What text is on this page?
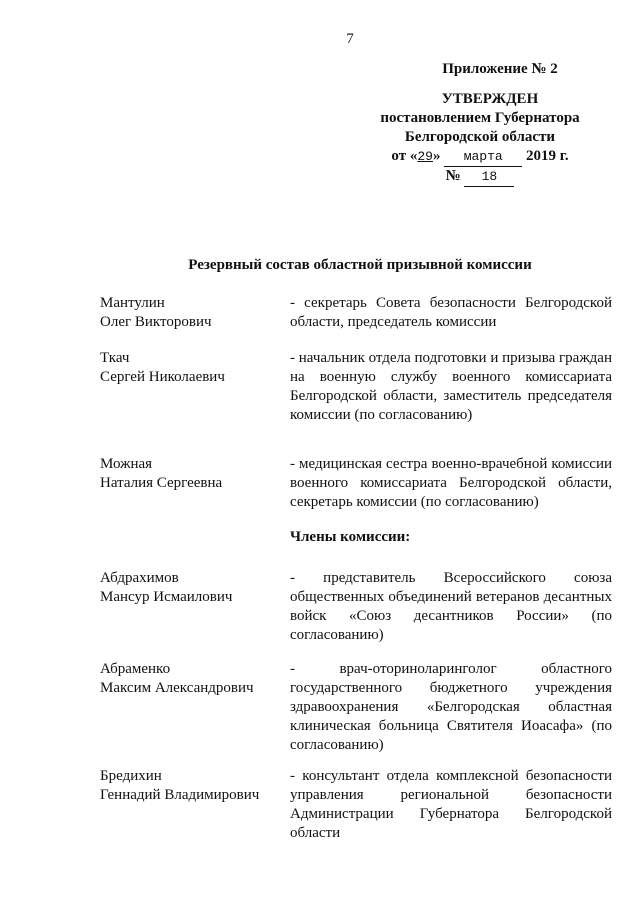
7
Приложение № 2
УТВЕРЖДЕН
постановлением Губернатора
Белгородской области
от «29» марта 2019 г.
№ 18
Резервный состав областной призывной комиссии
Мантулин
Олег Викторович
- секретарь Совета безопасности Белгородской области, председатель комиссии
Ткач
Сергей Николаевич
- начальник отдела подготовки и призыва граждан на военную службу военного комиссариата Белгородской области, заместитель председателя комиссии (по согласованию)
Можная
Наталия Сергеевна
- медицинская сестра военно-врачебной комиссии военного комиссариата Белгородской области, секретарь комиссии (по согласованию)
Члены комиссии:
Абдрахимов
Мансур Исмаилович
- представитель Всероссийского союза общественных объединений ветеранов десантных войск «Союз десантников России» (по согласованию)
Абраменко
Максим Александрович
- врач-оториноларинголог областного государственного бюджетного учреждения здравоохранения «Белгородская областная клиническая больница Святителя Иоасафа» (по согласованию)
Бредихин
Геннадий Владимирович
- консультант отдела комплексной безопасности управления региональной безопасности Администрации Губернатора Белгородской области
